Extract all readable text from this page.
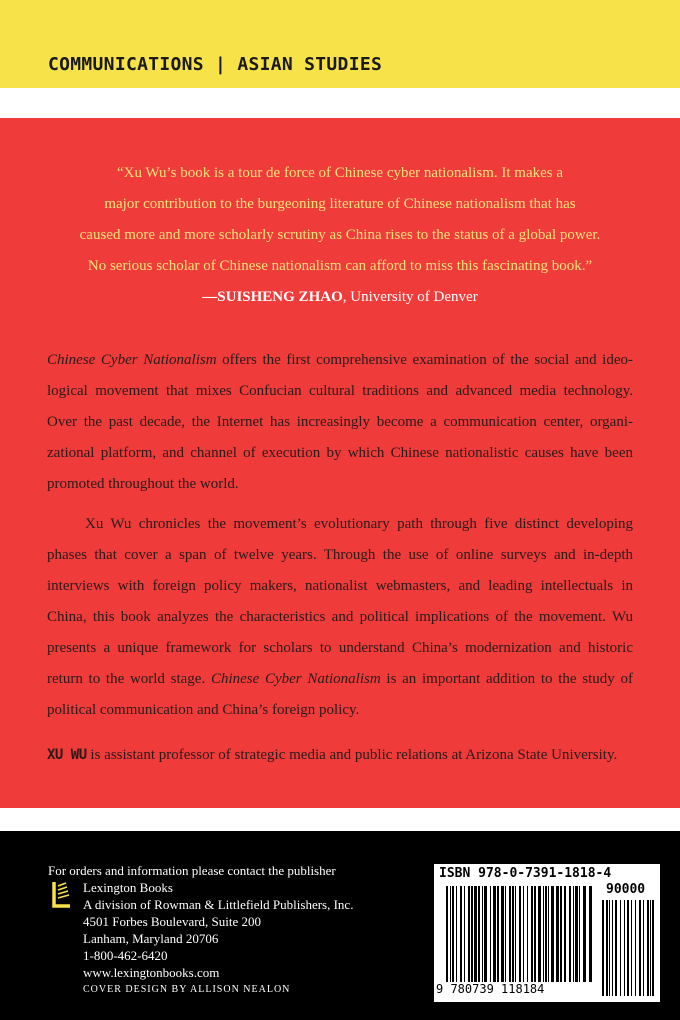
COMMUNICATIONS | ASIAN STUDIES
“Xu Wu’s book is a tour de force of Chinese cyber nationalism. It makes a
major contribution to the burgeoning literature of Chinese nationalism that has
caused more and more scholarly scrutiny as China rises to the status of a global power.
No serious scholar of Chinese nationalism can afford to miss this fascinating book.”
—SUISHENG ZHAO, University of Denver

Chinese Cyber Nationalism offers the first comprehensive examination of the social and ideo-
logical movement that mixes Confucian cultural traditions and advanced media technology.
Over the past decade, the Internet has increasingly become a communication center, organi-
zational platform, and channel of execution by which Chinese nationalistic causes have been
promoted throughout the world.

Xu Wu chronicles the movement’s evolutionary path through five distinct developing
phases that cover a span of twelve years. Through the use of online surveys and in-depth
interviews with foreign policy makers, nationalist webmasters, and leading intellectuals in
China, this book analyzes the characteristics and political implications of the movement. Wu
presents a unique framework for scholars to understand China’s modernization and historic
return to the world stage. Chinese Cyber Nationalism is an important addition to the study of
political communication and China’s foreign policy.

XU WU is assistant professor of strategic media and public relations at Arizona State University.

For orders and information please contact the publisher
Lexington Books
A division of Rowman & Littlefield Publishers, Inc.
4501 Forbes Boulevard, Suite 200
Lanham, Maryland 20706
1-800-462-6420
www.lexingtonbooks.com
COVER DESIGN BY ALLISON NEALON
ISBN 978-0-7391-1818-4
90000
9 780739 118184
